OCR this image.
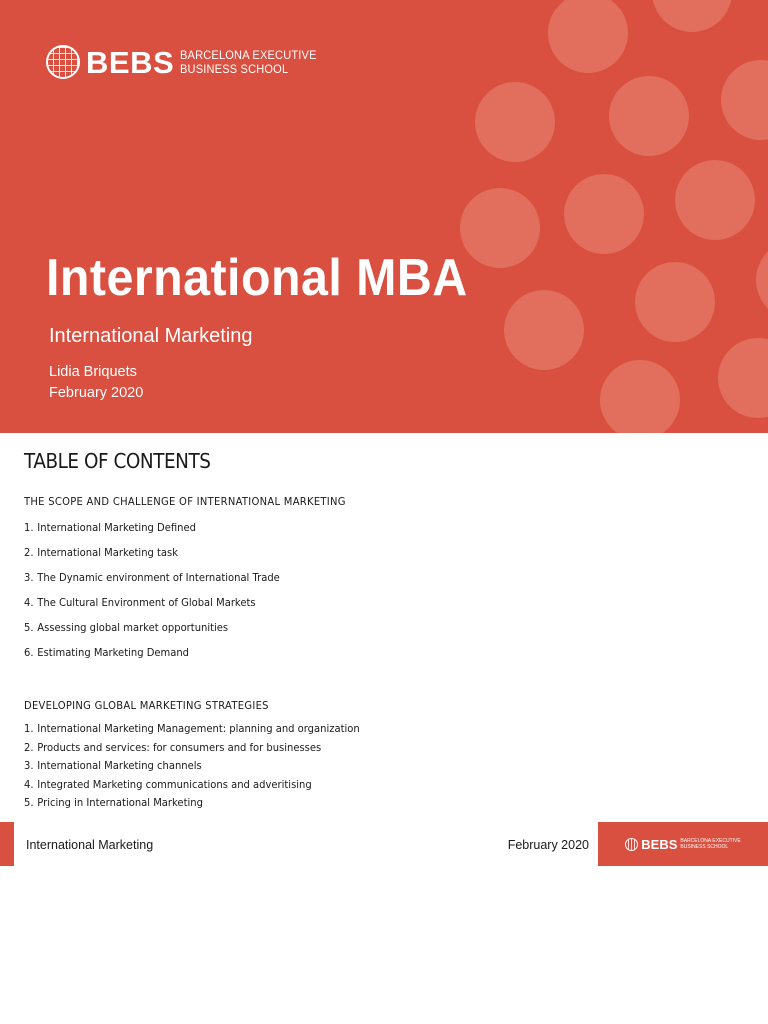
BEBS BARCELONA EXECUTIVE
BUSINESS SCHOOL
International MBA
International Marketing
Lidia Briquets
February 2020
TABLE OF CONTENTS
THE SCOPE AND CHALLENGE OF INTERNATIONAL MARKETING
1. International Marketing Defined
2. International Marketing task
3. The Dynamic environment of International Trade
4. The Cultural Environment of Global Markets
5. Assessing global market opportunities
6. Estimating Marketing Demand
DEVELOPING GLOBAL MARKETING STRATEGIES
1. International Marketing Management: planning and organization
2. Products and services: for consumers and for businesses
3. International Marketing channels
4. Integrated Marketing communications and adveritising
5. Pricing in International Marketing
International Marketing	February 2020	BEBS BARCELONA EXECUTIVE
BUSINESS SCHOOL
